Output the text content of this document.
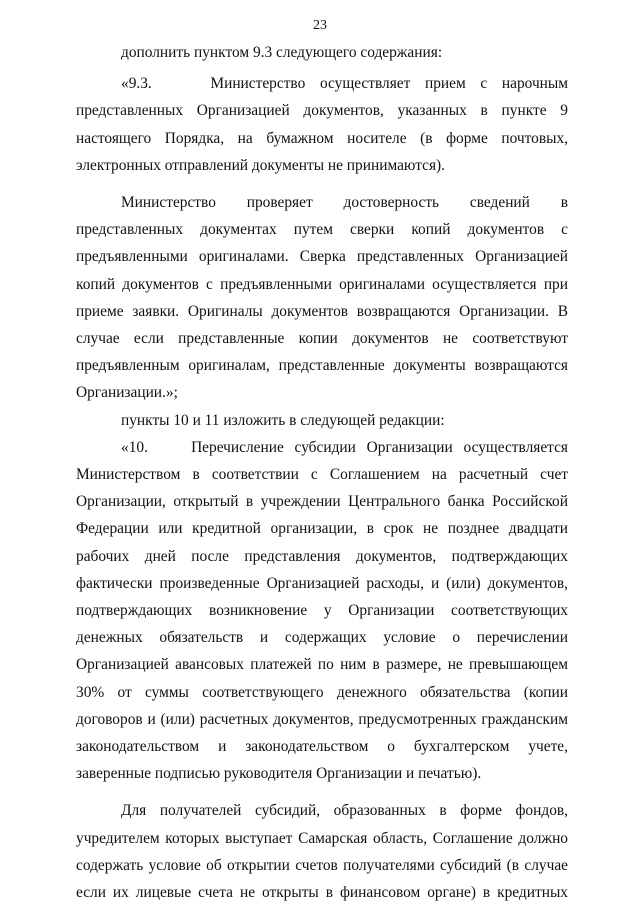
23

дополнить пунктом 9.3 следующего содержания:

«9.3.    Министерство осуществляет прием с нарочным представленных Организацией документов, указанных в пункте 9 настоящего Порядка, на бумажном носителе (в форме почтовых, электронных отправлений документы не принимаются).

Министерство проверяет достоверность сведений в представленных документах путем сверки копий документов с предъявленными оригиналами. Сверка представленных Организацией копий документов с предъявленными оригиналами осуществляется при приеме заявки. Оригиналы документов возвращаются Организации. В случае если представленные копии документов не соответствуют предъявленным оригиналам, представленные документы возвращаются Организации.»;

пункты 10 и 11 изложить в следующей редакции:

«10.    Перечисление субсидии Организации осуществляется Министерством в соответствии с Соглашением на расчетный счет Организации, открытый в учреждении Центрального банка Российской Федерации или кредитной организации, в срок не позднее двадцати рабочих дней после представления документов, подтверждающих фактически произведенные Организацией расходы, и (или) документов, подтверждающих возникновение у Организации соответствующих денежных обязательств и содержащих условие о перечислении Организацией авансовых платежей по ним в размере, не превышающем 30% от суммы соответствующего денежного обязательства (копии договоров и (или) расчетных документов, предусмотренных гражданским законодательством и законодательством о бухгалтерском учете, заверенные подписью руководителя Организации и печатью).

Для получателей субсидий, образованных в форме фондов, учредителем которых выступает Самарская область, Соглашение должно содержать условие об открытии счетов получателями субсидий (в случае если их лицевые счета не открыты в финансовом органе) в кредитных
